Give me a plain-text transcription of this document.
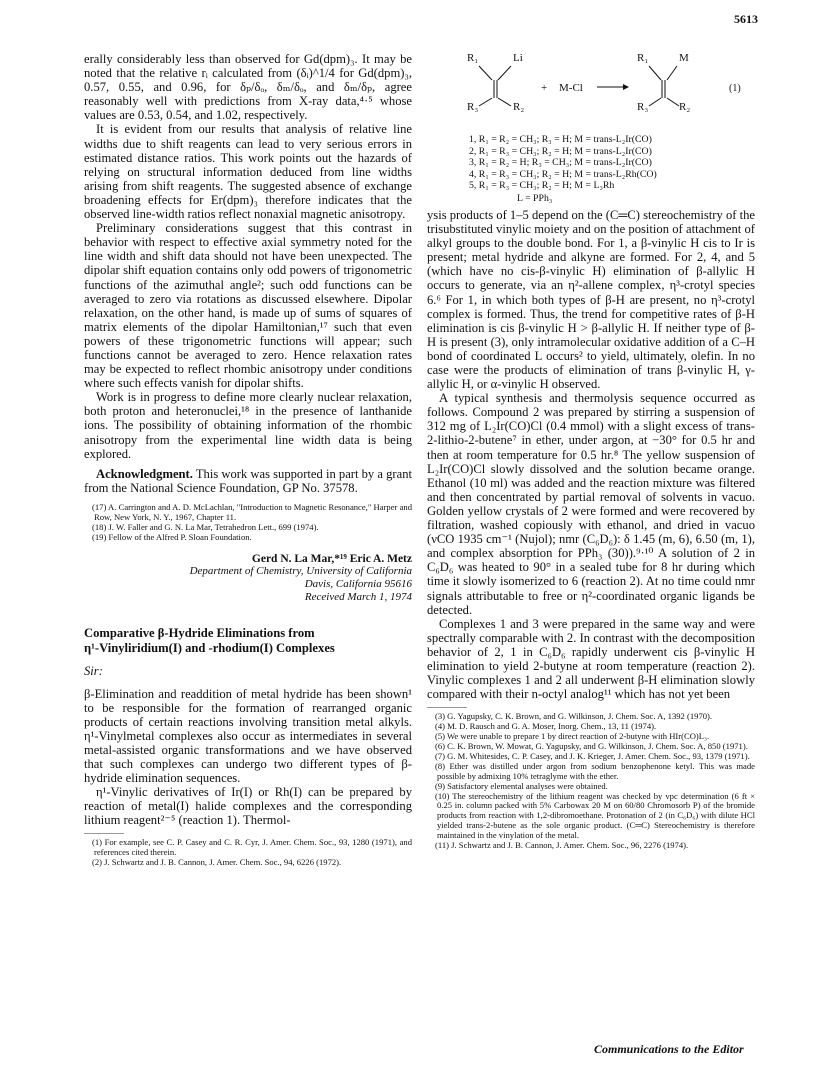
5613

erally considerably less than observed for Gd(dpm)₃. It may be noted that the relative rᵢ calculated from (δᵢ)^1/4 for Gd(dpm)₃, 0.57, 0.55, and 0.96, for δₚ/δₒ, δₘ/δₒ, and δₘ/δₚ, agree reasonably well with predictions from X-ray data,⁴·⁵ whose values are 0.53, 0.54, and 1.02, respectively.

It is evident from our results that analysis of relative line widths due to shift reagents can lead to very serious errors in estimated distance ratios. This work points out the hazards of relying on structural information deduced from line widths arising from shift reagents. The suggested absence of exchange broadening effects for Er(dpm)₃ therefore indicates that the observed line-width ratios reflect nonaxial magnetic anisotropy.

Preliminary considerations suggest that this contrast in behavior with respect to effective axial symmetry noted for the line width and shift data should not have been unexpected. The dipolar shift equation contains only odd powers of trigonometric functions of the azimuthal angle²; such odd functions can be averaged to zero via rotations as discussed elsewhere. Dipolar relaxation, on the other hand, is made up of sums of squares of matrix elements of the dipolar Hamiltonian,¹⁷ such that even powers of these trigonometric functions will appear; such functions cannot be averaged to zero. Hence relaxation rates may be expected to reflect rhombic anisotropy under conditions where such effects vanish for dipolar shifts.

Work is in progress to define more clearly nuclear relaxation, both proton and heteronuclei,¹⁸ in the presence of lanthanide ions. The possibility of obtaining information of the rhombic anisotropy from the experimental line width data is being explored.

Acknowledgment. This work was supported in part by a grant from the National Science Foundation, GP No. 37578.

(17) A. Carrington and A. D. McLachlan, "Introduction to Magnetic Resonance," Harper and Row, New York, N. Y., 1967, Chapter 11.

(18) J. W. Faller and G. N. La Mar, Tetrahedron Lett., 699 (1974).

(19) Fellow of the Alfred P. Sloan Foundation.

Gerd N. La Mar,*¹⁹ Eric A. Metz
Department of Chemistry, University of California
Davis, California 95616
Received March 1, 1974
Comparative β-Hydride Eliminations from
η¹-Vinyliridium(I) and -rhodium(I) Complexes
Sir:

β-Elimination and readdition of metal hydride has been shown¹ to be responsible for the formation of rearranged organic products of certain reactions involving transition metal alkyls. η¹-Vinylmetal complexes also occur as intermediates in several metal-assisted organic transformations and we have observed that such complexes can undergo two different types of β-hydride elimination sequences.

η¹-Vinylic derivatives of Ir(I) or Rh(I) can be prepared by reaction of metal(I) halide complexes and the corresponding lithium reagent²⁻⁵ (reaction 1). Thermol-

(1) For example, see C. P. Casey and C. R. Cyr, J. Amer. Chem. Soc., 93, 1280 (1971), and references cited therein.

(2) J. Schwartz and J. B. Cannon, J. Amer. Chem. Soc., 94, 6226 (1972).

R₁	Li
R₃	R₂
+ M-Cl
R₁	M
R₃	R₂
(1)
1, R₁ = R₂ = CH₃; R₃ = H; M = trans-L₂Ir(CO)
2, R₁ = R₃ = CH₃; R₂ = H; M = trans-L₂Ir(CO)
3, R₁ = R₂ = H; R₃ = CH₃; M = trans-L₂Ir(CO)
4, R₁ = R₃ = CH₃; R₂ = H; M = trans-L₂Rh(CO)
5, R₁ = R₃ = CH₃; R₂ = H; M = L₃Rh
L = PPh₃

ysis products of 1–5 depend on the (C═C) stereochemistry of the trisubstituted vinylic moiety and on the position of attachment of alkyl groups to the double bond. For 1, a β-vinylic H cis to Ir is present; metal hydride and alkyne are formed. For 2, 4, and 5 (which have no cis-β-vinylic H) elimination of β-allylic H occurs to generate, via an η²-allene complex, η³-crotyl species 6.⁶ For 1, in which both types of β-H are present, no η³-crotyl complex is formed. Thus, the trend for competitive rates of β-H elimination is cis β-vinylic H > β-allylic H. If neither type of β-H is present (3), only intramolecular oxidative addition of a C–H bond of coordinated L occurs² to yield, ultimately, olefin. In no case were the products of elimination of trans β-vinylic H, γ-allylic H, or α-vinylic H observed.

A typical synthesis and thermolysis sequence occurred as follows. Compound 2 was prepared by stirring a suspension of 312 mg of L₂Ir(CO)Cl (0.4 mmol) with a slight excess of trans-2-lithio-2-butene⁷ in ether, under argon, at −30° for 0.5 hr and then at room temperature for 0.5 hr.⁸ The yellow suspension of L₂Ir(CO)Cl slowly dissolved and the solution became orange. Ethanol (10 ml) was added and the reaction mixture was filtered and then concentrated by partial removal of solvents in vacuo. Golden yellow crystals of 2 were formed and were recovered by filtration, washed copiously with ethanol, and dried in vacuo (νCO 1935 cm⁻¹ (Nujol); nmr (C₆D₆): δ 1.45 (m, 6), 6.50 (m, 1), and complex absorption for PPh₃ (30)).⁹·¹⁰ A solution of 2 in C₆D₆ was heated to 90° in a sealed tube for 8 hr during which time it slowly isomerized to 6 (reaction 2). At no time could nmr signals attributable to free or η²-coordinated organic ligands be detected.

Complexes 1 and 3 were prepared in the same way and were spectrally comparable with 2. In contrast with the decomposition behavior of 2, 1 in C₆D₆ rapidly underwent cis β-vinylic H elimination to yield 2-butyne at room temperature (reaction 2). Vinylic complexes 1 and 2 all underwent β-H elimination slowly compared with their n-octyl analog¹¹ which has not yet been

(3) G. Yagupsky, C. K. Brown, and G. Wilkinson, J. Chem. Soc. A, 1392 (1970).

(4) M. D. Rausch and G. A. Moser, Inorg. Chem., 13, 11 (1974).

(5) We were unable to prepare 1 by direct reaction of 2-butyne with HIr(CO)L₃.

(6) C. K. Brown, W. Mowat, G. Yagupsky, and G. Wilkinson, J. Chem. Soc. A, 850 (1971).

(7) G. M. Whitesides, C. P. Casey, and J. K. Krieger, J. Amer. Chem. Soc., 93, 1379 (1971).

(8) Ether was distilled under argon from sodium benzophenone ketyl. This was made possible by admixing 10% tetraglyme with the ether.

(9) Satisfactory elemental analyses were obtained.

(10) The stereochemistry of the lithium reagent was checked by vpc determination (6 ft × 0.25 in. column packed with 5% Carbowax 20 M on 60/80 Chromosorb P) of the bromide products from reaction with 1,2-dibromoethane. Protonation of 2 (in C₆D₆) with dilute HCl yielded trans-2-butene as the sole organic product. (C═C) Stereochemistry is therefore maintained in the vinylation of the metal.

(11) J. Schwartz and J. B. Cannon, J. Amer. Chem. Soc., 96, 2276 (1974).

Communications to the Editor
